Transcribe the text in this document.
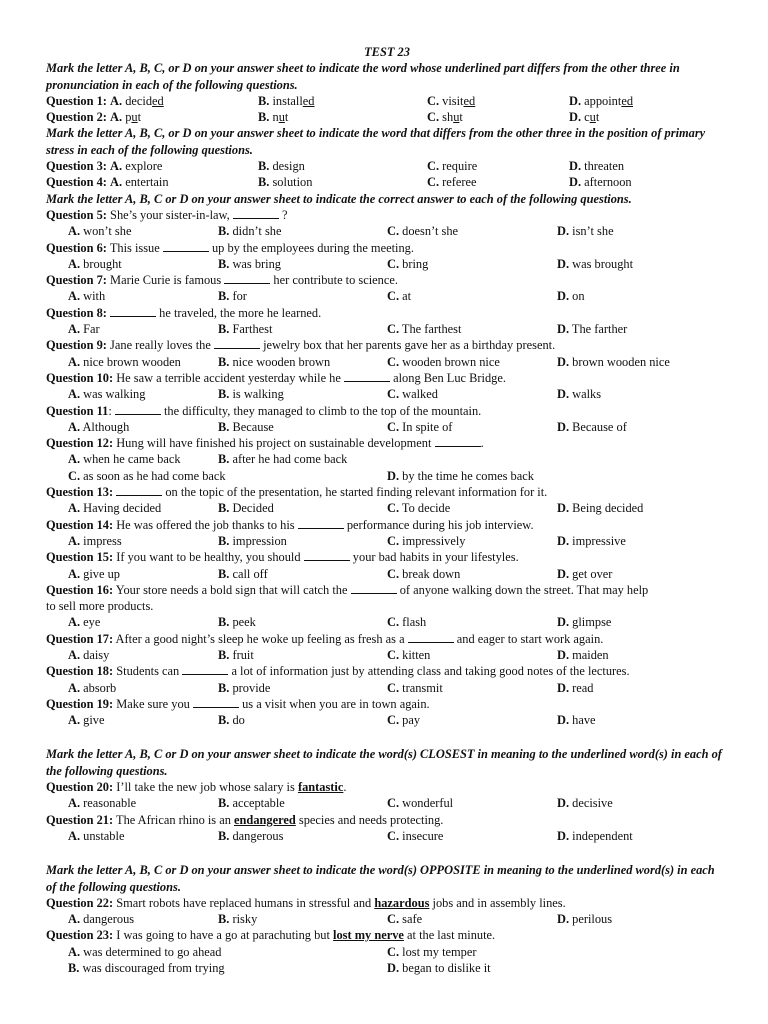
TEST 23

Mark the letter A, B, C, or D on your answer sheet to indicate the word whose underlined part differs from the other three in pronunciation in each of the following questions.

Question 1: A. decided	B. installed	C. visited	D. appointed
Question 2: A. put	B. nut	C. shut	D. cut

Mark the letter A, B, C, or D on your answer sheet to indicate the word that differs from the other three in the position of primary stress in each of the following questions.

Question 3: A. explore	B. design	C. require	D. threaten
Question 4: A. entertain	B. solution	C. referee	D. afternoon

Mark the letter A, B, C or D on your answer sheet to indicate the correct answer to each of the following questions.

Question 5: She’s your sister-in-law,	?

A. won’t she	B. didn’t she	C. doesn’t she	D. isn’t she

Question 6: This issue	up by the employees during the meeting.

A. brought	B. was bring	C. bring	D. was brought

Question 7: Marie Curie is famous	her contribute to science.

A. with	B. for	C. at	D. on

Question 8:	he traveled, the more he learned.

A. Far	B. Farthest	C. The farthest	D. The farther

Question 9: Jane really loves the	jewelry box that her parents gave her as a birthday present.

A. nice brown wooden	B. nice wooden brown	C. wooden brown nice	D. brown wooden nice

Question 10: He saw a terrible accident yesterday while he	along Ben Luc Bridge.

A. was walking	B. is walking	C. walked	D. walks

Question 11:	the difficulty, they managed to climb to the top of the mountain.

A. Although	B. Because	C. In spite of	D. Because of

Question 12: Hung will have finished his project on sustainable development	.

A. when he came back	B. after he had come back
C. as soon as he had come back	D. by the time he comes back

Question 13:	on the topic of the presentation, he started finding relevant information for it.

A. Having decided	B. Decided	C. To decide	D. Being decided

Question 14: He was offered the job thanks to his	performance during his job interview.

A. impress	B. impression	C. impressively	D. impressive

Question 15: If you want to be healthy, you should	your bad habits in your lifestyles.

A. give up	B. call off	C. break down	D. get over

Question 16: Your store needs a bold sign that will catch the	of anyone walking down the street. That may help

to sell more products.

A. eye	B. peek	C. flash	D. glimpse

Question 17: After a good night’s sleep he woke up feeling as fresh as a	and eager to start work again.

A. daisy	B. fruit	C. kitten	D. maiden

Question 18: Students can	a lot of information just by attending class and taking good notes of the lectures.

A. absorb	B. provide	C. transmit	D. read

Question 19: Make sure you	us a visit when you are in town again.

A. give	B. do	C. pay	D. have

Mark the letter A, B, C or D on your answer sheet to indicate the word(s) CLOSEST in meaning to the underlined word(s) in each of the following questions.

Question 20: I’ll take the new job whose salary is fantastic.

A. reasonable	B. acceptable	C. wonderful	D. decisive

Question 21: The African rhino is an endangered species and needs protecting.

A. unstable	B. dangerous	C. insecure	D. independent

Mark the letter A, B, C or D on your answer sheet to indicate the word(s) OPPOSITE in meaning to the underlined word(s) in each of the following questions.

Question 22: Smart robots have replaced humans in stressful and hazardous jobs and in assembly lines.

A. dangerous	B. risky	C. safe	D. perilous

Question 23: I was going to have a go at parachuting but lost my nerve at the last minute.

A. was determined to go ahead	C. lost my temper
B. was discouraged from trying	D. began to dislike it
